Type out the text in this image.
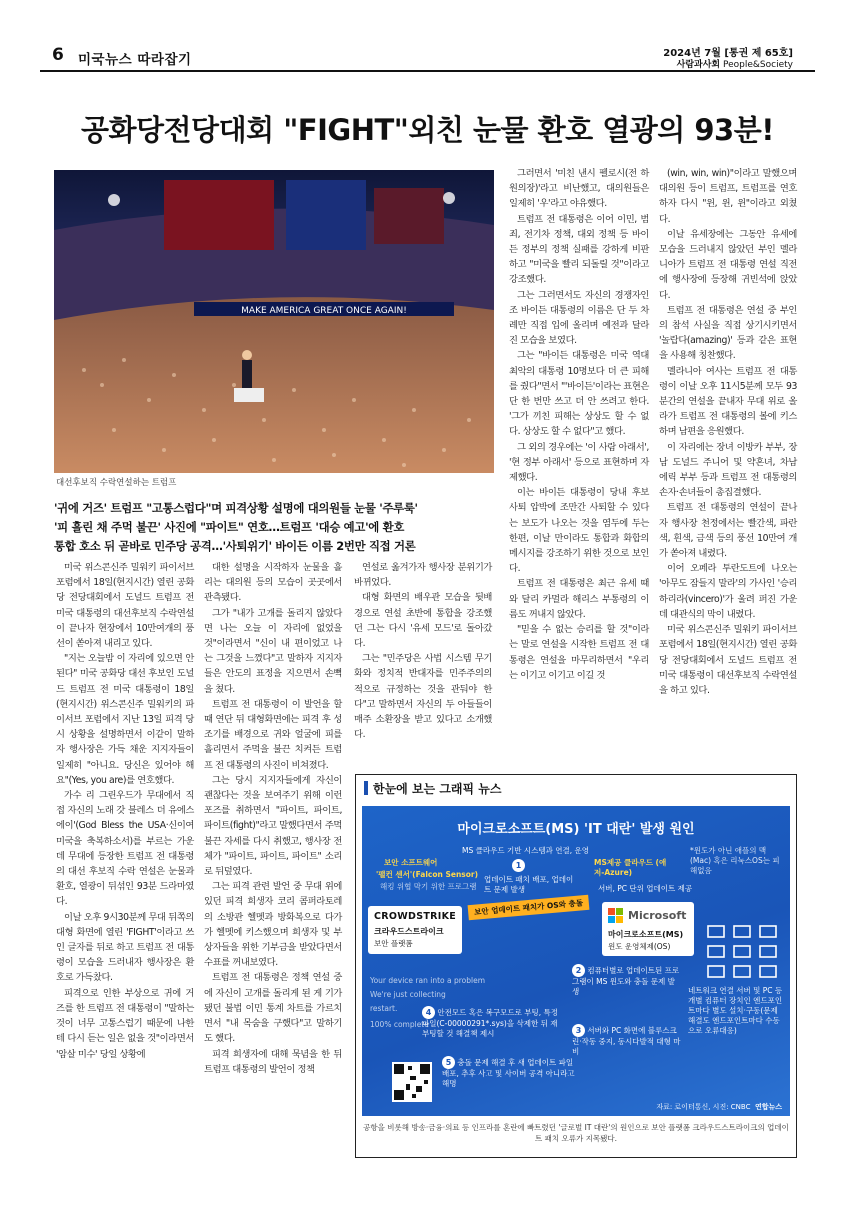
6 미국뉴스 따라잡기	2024년 7월 [통권 제 65호]
사람과사회 People&Society
공화당전당대회 "FIGHT"외친 눈물 환호 열광의 93분!
MAKE AMERICA GREAT ONCE AGAIN!
대선후보직 수락연설하는 트럼프
'귀에 거즈' 트럼프 "고통스럽다"며 피격상황 설명에 대의원들 눈물 '주루룩'
'피 흘린 채 주먹 불끈' 사진에 "파이트" 연호…트럼프 '대승 예고'에 환호
통합 호소 뒤 곧바로 민주당 공격…'사퇴위기' 바이든 이름 2번만 직접 거론

미국 위스콘신주 밀워키 파이서브 포럼에서 18일(현지시간) 열린 공화당 전당대회에서 도널드 트럼프 전 미국 대통령의 대선후보직 수락연설이 끝나자 현장에서 10만여개의 풍선이 쏟아져 내리고 있다.

"지는 오늘밤 이 자리에 있으면 안 된다" 미국 공화당 대선 후보인 도널드 트럼프 전 미국 대통령이 18일(현지시간) 위스콘신주 밀워키의 파이서브 포럼에서 지난 13일 피격 당시 상황을 설명하면서 이같이 말하자 행사장은 가득 채운 지지자들이 일제히 "아니요. 당신은 있어야 해요"(Yes, you are)를 연호했다.

가수 리 그린우드가 무대에서 직접 자신의 노래 갓 블레스 더 유에스에이'(God Bless the USA·신이여 미국을 축복하소서)를 부르는 가운데 무대에 등장한 트럼프 전 대통령의 대선 후보직 수락 연설은 눈물과 환호, 열광이 뒤섞인 93분 드라마였다.

이날 오후 9시30분께 무대 뒤쪽의 대형 화면에 열린 'FIGHT'이라고 쓰인 글자를 뒤로 하고 트럼프 전 대통령이 모습을 드러내자 행사장은 환호로 가득찼다.

피격으로 인한 부상으로 귀에 거즈를 한 트럼프 전 대통령이 "말하는 것이 너무 고통스럽기 때문에 나한테 다시 듣는 일은 없을 것"이라면서 '암살 미수' 당일 상황에

대한 설명을 시작하자 눈물을 흘리는 대의원 등의 모습이 곳곳에서 관측됐다.

그가 "내가 고개를 돌리지 않았다면 나는 오늘 이 자리에 없었을 것"이라면서 "신이 내 편이었고 나는 그것을 느꼈다"고 말하자 지지자들은 안도의 표정을 지으면서 손뼉을 쳤다.

트럼프 전 대통령이 이 발언을 할 때 연단 뒤 대형화면에는 피격 후 성조기를 배경으로 귀와 얼굴에 피를 흘리면서 주먹을 불끈 치켜든 트럼프 전 대통령의 사진이 비쳐졌다.

그는 당시 지지자들에게 자신이 괜찮다는 것을 보여주기 위해 이런 포즈를 취하면서 "파이트, 파이트, 파이트(fight)"라고 말했다면서 주먹 불끈 자세를 다시 취했고, 행사장 전체가 "파이트, 파이트, 파이트" 소리로 뒤덮였다.

그는 피격 관련 발언 중 무대 위에 있던 피격 희생자 코리 콤퍼라토레의 소방관 헬멧과 방화복으로 다가가 헬멧에 키스했으며 희생자 및 부상자들을 위한 기부금을 받았다면서 수표를 꺼내보였다.

트럼프 전 대통령은 정책 연설 중에 자신이 고개를 돌리게 된 게 기가 됐던 불법 이민 통계 차트를 가르치면서 "내 목숨을 구했다"고 말하기도 했다.

피격 희생자에 대해 묵념을 한 뒤 트럼프 대통령의 발언이 정책

연설로 옮겨가자 행사장 분위기가 바뀌었다.

대형 화면의 배우관 모습을 뒷배경으로 연설 초반에 통합을 강조했던 그는 다시 '유세 모드'로 돌아갔다.

그는 "민주당은 사법 시스템 무기화와 정치적 반대자를 민주주의의 적으로 규정하는 것을 관둬야 한다"고 말하면서 자신의 두 아들들이 매주 소환장을 받고 있다고 소개했다.

그러면서 '미친 낸시 펠로시(전 하원의장)'라고 비난했고, 대의원들은 일제히 '우'라고 야유했다.

트럼프 전 대통령은 이어 이민, 범죄, 전기차 정책, 대외 정책 등 바이든 정부의 정책 실패를 강하게 비판하고 "미국을 빨리 되돌릴 것"이라고 강조했다.

그는 그러면서도 자신의 경쟁자인 조 바이든 대통령의 이름은 단 두 차례만 직접 입에 올리며 예전과 달라진 모습을 보였다.

그는 "바이든 대통령은 미국 역대 최악의 대통령 10명보다 더 큰 피해를 줬다"면서 "'바이든'이라는 표현은 단 한 번만 쓰고 더 안 쓰려고 한다. '그가 끼친 피해는 상상도 할 수 없다. 상상도 할 수 없다"고 했다.

그 외의 경우에는 '이 사람 아래서', '현 정부 아래서' 등으로 표현하며 자제했다.

이는 바이든 대통령이 당내 후보 사퇴 압박에 조만간 사퇴할 수 있다는 보도가 나오는 것을 염두에 두는 한편, 이날 만이라도 통합과 화합의 메시지를 강조하기 위한 것으로 보인다.

트럼프 전 대통령은 최근 유세 때와 달리 카멀라 해리스 부통령의 이름도 꺼내지 않았다.

"믿을 수 없는 승리를 할 것"이라는 말로 연설을 시작한 트럼프 전 대통령은 연설을 마무리하면서 "우리는 이기고 이기고 이길 것

(win, win, win)"이라고 말했으며 대의원 등이 트럼프, 트럼프를 연호하자 다시 "윈, 윈, 윈"이라고 외쳤다.

이날 유세장에는 그동안 유세에 모습을 드러내지 않았던 부인 멜라니아가 트럼프 전 대통령 연설 직전에 행사장에 등장해 귀빈석에 앉았다.

트럼프 전 대통령은 연설 중 부인의 참석 사실을 직접 상기시키면서 '놀랍다(amazing)' 등과 같은 표현을 사용해 칭찬했다.

멜라니아 여사는 트럼프 전 대통령이 이날 오후 11시5분께 모두 93분간의 연설을 끝내자 무대 위로 올라가 트럼프 전 대통령의 볼에 키스하며 남편을 응원했다.

이 자리에는 장녀 이방카 부부, 장남 도널드 주니어 및 약혼녀, 차남 에릭 부부 등과 트럼프 전 대통령의 손자·손녀들이 총집결했다.

트럼프 전 대통령의 연설이 끝나자 행사장 천정에서는 빨간색, 파란색, 흰색, 금색 등의 풍선 10만여 개가 쏟아져 내렸다.

이어 오페라 투란도트에 나오는 '아무도 잠들지 말라'의 가사인 '승리하리라(vincero)'가 울려 퍼진 가운데 대관식의 막이 내렸다.

미국 위스콘신주 밀워키 파이서브 포럼에서 18일(현지시간) 열린 공화당 전당대회에서 도널드 트럼프 전 미국 대통령이 대선후보직 수락연설을 하고 있다.

한눈에 보는 그래픽 뉴스
마이크로소프트(MS) 'IT 대란' 발생 원인
MS 클라우드 기반 시스템과 연결, 운영
1
업데이트 패치 배포, 업데이트 문제 발생
보안 소프트웨어
'팰컨 센서'(Falcon Sensor)
해킹 위협 막기 위한 프로그램
MS제공 클라우드 (애저-Azure)
서버, PC 단위 업데이트 제공
*윈도가 아닌 애플의 맥(Mac) 혹은 리눅스OS는 피해없음
CROWDSTRIKE
크라우드스트라이크
보안 플랫폼
보안 업데이트 패치가 OS와 충돌	Microsoft
마이크로소프트(MS)
윈도 운영체제(OS)
네트워크 연결 서버 및 PC 등 개별 컴퓨터 장치인 엔드포인트마다 별도 설치·구동(문제 해결도 엔드포인트마다 수동으로 오류대응)
2 컴퓨터별로 업데이트된 프로그램이 MS 윈도와 충돌 문제 발생
3 서버와 PC 화면에 블루스크린·작동 중지, 동시다발적 대형 마비
Your device ran into a problem
We're just collecting
restart.
100% complete
4 안전모드 혹은 복구모드로 부팅, 특정파일(C-00000291*.sys)을 삭제한 뒤 재부팅할 것 해결책 제시
5 충돌 문제 해결 후 새 업데이트 파일 배포, 추후 사고 및 사이버 공격 아니라고 해명
자료: 로이터통신, 시진: CNBC 연합뉴스
공항을 비롯해 방송·금융·의료 등 인프라를 혼란에 빠트렸던 '글로벌 IT 대란'의 원인으로 보안 플랫폼 크라우드스트라이크의 업데이트 패치 오류가 지목됐다.
